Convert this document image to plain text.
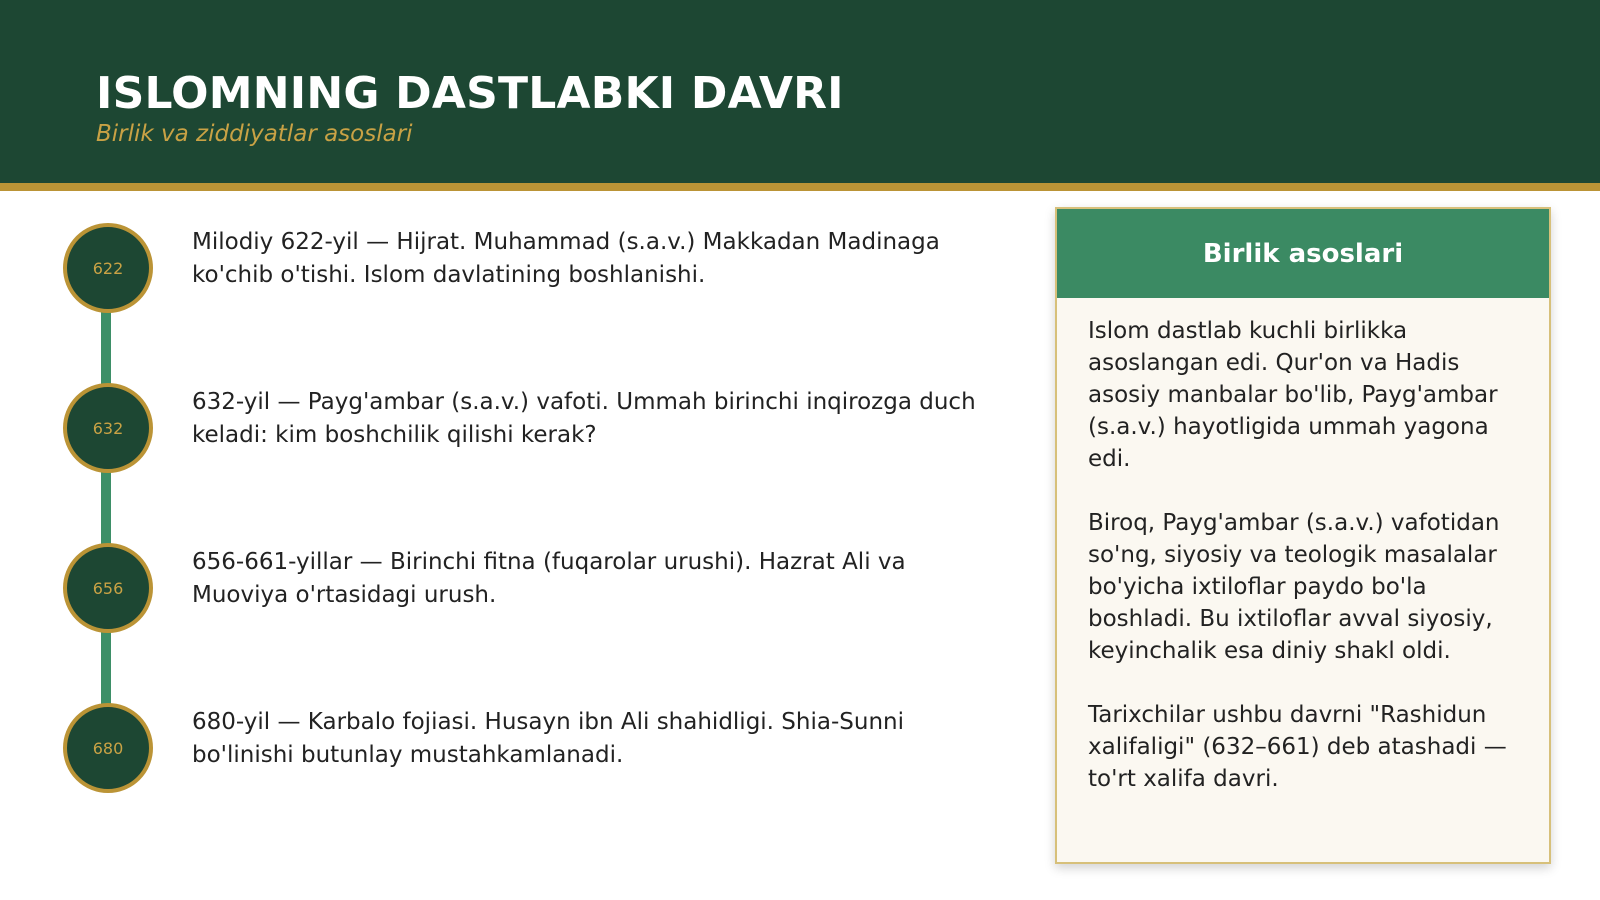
ISLOMNING DASTLABKI DAVRI
Birlik va ziddiyatlar asoslari
622
Milodiy 622-yil — Hijrat. Muhammad (s.a.v.) Makkadan Madinaga ko'chib o'tishi. Islom davlatining boshlanishi.
632
632-yil — Payg'ambar (s.a.v.) vafoti. Ummah birinchi inqirozga duch keladi: kim boshchilik qilishi kerak?
656
656-661-yillar — Birinchi fitna (fuqarolar urushi). Hazrat Ali va Muoviya o'rtasidagi urush.
680
680-yil — Karbalo fojiasi. Husayn ibn Ali shahidligi. Shia-Sunni bo'linishi butunlay mustahkamlanadi.
Birlik asoslari

Islom dastlab kuchli birlikka asoslangan edi. Qur'on va Hadis asosiy manbalar bo'lib, Payg'ambar (s.a.v.) hayotligida ummah yagona edi.

Biroq, Payg'ambar (s.a.v.) vafotidan so'ng, siyosiy va teologik masalalar bo'yicha ixtiloflar paydo bo'la boshladi. Bu ixtiloflar avval siyosiy, keyinchalik esa diniy shakl oldi.

Tarixchilar ushbu davrni "Rashidun xalifaligi" (632–661) deb atashadi — to'rt xalifa davri.
